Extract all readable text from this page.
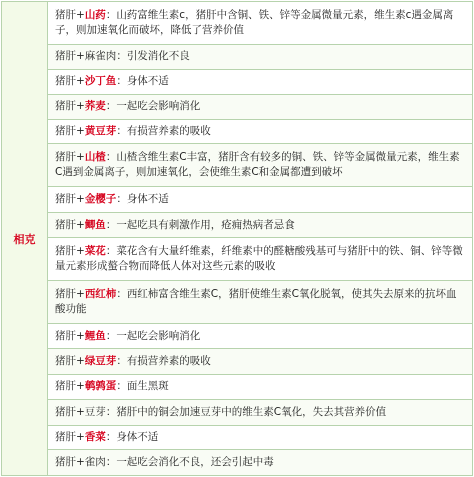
相克	猪肝+山药：山药富维生素c，猪肝中含铜、铁、锌等金属微量元素，维生素c遇金属离子，则加速氧化而破坏，降低了营养价值
猪肝+麻雀肉：引发消化不良
猪肝+沙丁鱼：身体不适
猪肝+荞麦：一起吃会影响消化
猪肝+黄豆芽：有损营养素的吸收
猪肝+山楂：山楂含维生素C丰富，猪肝含有较多的铜、铁、锌等金属微量元素，维生素C遇到金属离子，则加速氧化，会使维生素C和金属都遭到破坏
猪肝+金樱子：身体不适
猪肝+鲫鱼：一起吃具有刺激作用，疮痈热病者忌食
猪肝+菜花：菜花含有大量纤维素，纤维素中的醛糖酸残基可与猪肝中的铁、铜、锌等微量元素形成螯合物而降低人体对这些元素的吸收
猪肝+西红柿：西红柿富含维生素C，猪肝使维生素C氧化脱氧，使其失去原来的抗坏血酸功能
猪肝+鲤鱼：一起吃会影响消化
猪肝+绿豆芽：有损营养素的吸收
猪肝+鹌鹑蛋：面生黑斑
猪肝+豆芽：猪肝中的铜会加速豆芽中的维生素C氧化，失去其营养价值
猪肝+香菜：身体不适
猪肝+雀肉：一起吃会消化不良，还会引起中毒
